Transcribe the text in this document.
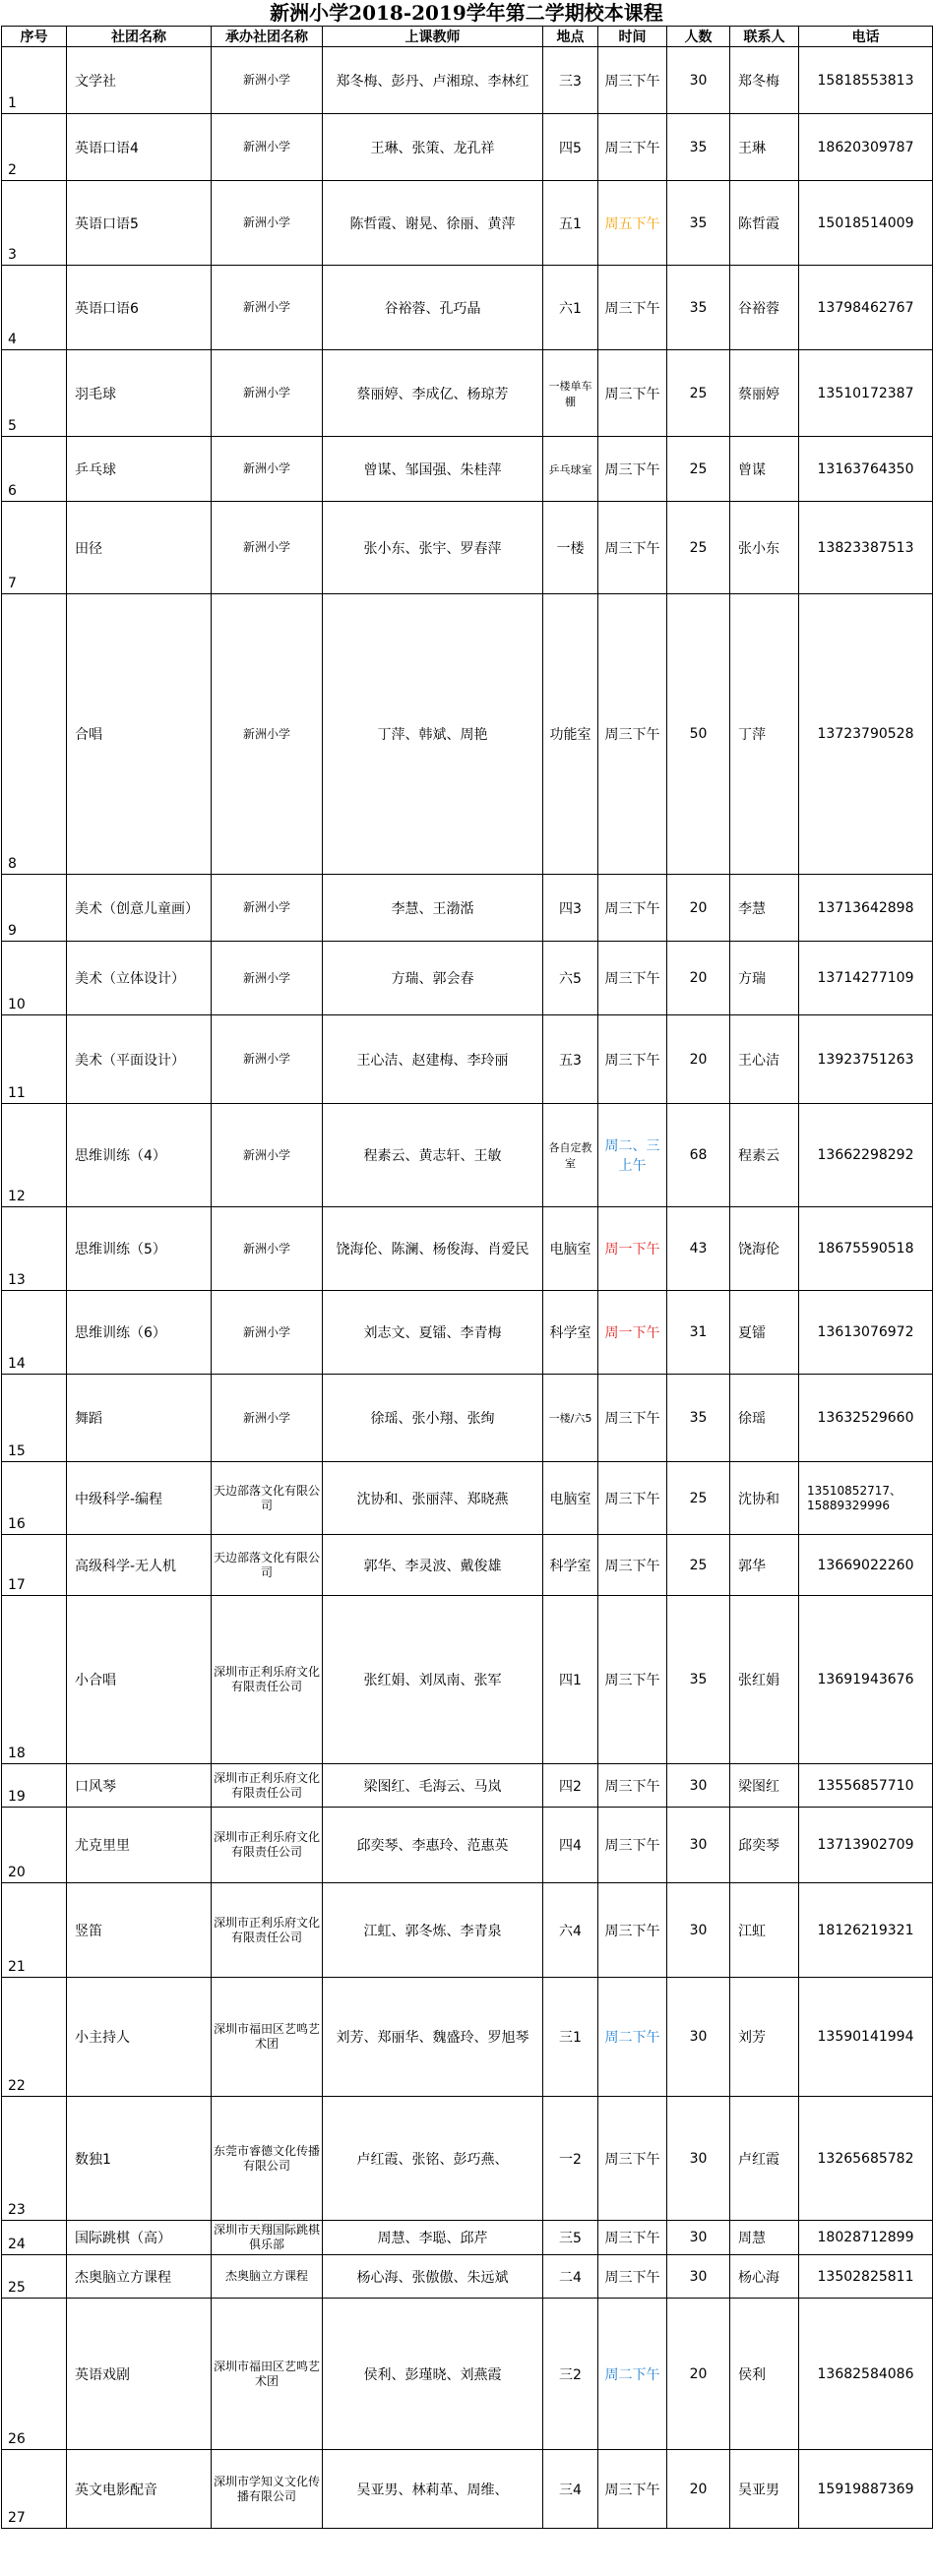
新洲小学2018-2019学年第二学期校本课程
序号	社团名称	承办社团名称	上课教师	地点	时间	人数	联系人	电话
1	文学社	新洲小学	郑冬梅、彭丹、卢湘琼、李林红	三3	周三下午	30	郑冬梅	15818553813
2	英语口语4	新洲小学	王琳、张策、龙孔祥	四5	周三下午	35	王琳	18620309787
3	英语口语5	新洲小学	陈哲霞、谢晃、徐丽、黄萍	五1	周五下午	35	陈哲霞	15018514009
4	英语口语6	新洲小学	谷裕蓉、孔巧晶	六1	周三下午	35	谷裕蓉	13798462767
5	羽毛球	新洲小学	蔡丽婷、李成亿、杨琼芳	一楼单车棚	周三下午	25	蔡丽婷	13510172387
6	乒乓球	新洲小学	曾谋、邹国强、朱桂萍	乒乓球室	周三下午	25	曾谋	13163764350
7	田径	新洲小学	张小东、张宇、罗春萍	一楼	周三下午	25	张小东	13823387513
8	合唱	新洲小学	丁萍、韩斌、周艳	功能室	周三下午	50	丁萍	13723790528
9	美术（创意儿童画）	新洲小学	李慧、王渤湉	四3	周三下午	20	李慧	13713642898
10	美术（立体设计）	新洲小学	方瑞、郭会春	六5	周三下午	20	方瑞	13714277109
11	美术（平面设计）	新洲小学	王心洁、赵建梅、李玲丽	五3	周三下午	20	王心洁	13923751263
12	思维训练（4）	新洲小学	程素云、黄志轩、王敏	各自定教室	周二、三上午	68	程素云	13662298292
13	思维训练（5）	新洲小学	饶海伦、陈澜、杨俊海、肖爱民	电脑室	周一下午	43	饶海伦	18675590518
14	思维训练（6）	新洲小学	刘志文、夏镭、李青梅	科学室	周一下午	31	夏镭	13613076972
15	舞蹈	新洲小学	徐瑶、张小翔、张绚	一楼/六5	周三下午	35	徐瑶	13632529660
16	中级科学-编程	天边部落文化有限公司	沈协和、张丽萍、郑晓燕	电脑室	周三下午	25	沈协和	13510852717、15889329996
17	高级科学-无人机	天边部落文化有限公司	郭华、李灵波、戴俊雄	科学室	周三下午	25	郭华	13669022260
18	小合唱	深圳市正利乐府文化有限责任公司	张红娟、刘凤南、张军	四1	周三下午	35	张红娟	13691943676
19	口风琴	深圳市正利乐府文化有限责任公司	梁图红、毛海云、马岚	四2	周三下午	30	梁图红	13556857710
20	尤克里里	深圳市正利乐府文化有限责任公司	邱奕琴、李惠玲、范惠英	四4	周三下午	30	邱奕琴	13713902709
21	竖笛	深圳市正利乐府文化有限责任公司	江虹、郭冬炼、李青泉	六4	周三下午	30	江虹	18126219321
22	小主持人	深圳市福田区艺鸣艺术团	刘芳、郑丽华、魏盛玲、罗旭琴	三1	周二下午	30	刘芳	13590141994
23	数独1	东莞市睿德文化传播有限公司	卢红霞、张铭、彭巧燕、	一2	周三下午	30	卢红霞	13265685782
24	国际跳棋（高）	深圳市天翔国际跳棋俱乐部	周慧、李聪、邱芹	三5	周三下午	30	周慧	18028712899
25	杰奥脑立方课程	杰奥脑立方课程	杨心海、张傲傲、朱远斌	二4	周三下午	30	杨心海	13502825811
26	英语戏剧	深圳市福田区艺鸣艺术团	侯利、彭瑾晓、刘燕霞	三2	周二下午	20	侯利	13682584086
27	英文电影配音	深圳市学知义文化传播有限公司	吴亚男、林莉革、周维、	三4	周三下午	20	吴亚男	15919887369
